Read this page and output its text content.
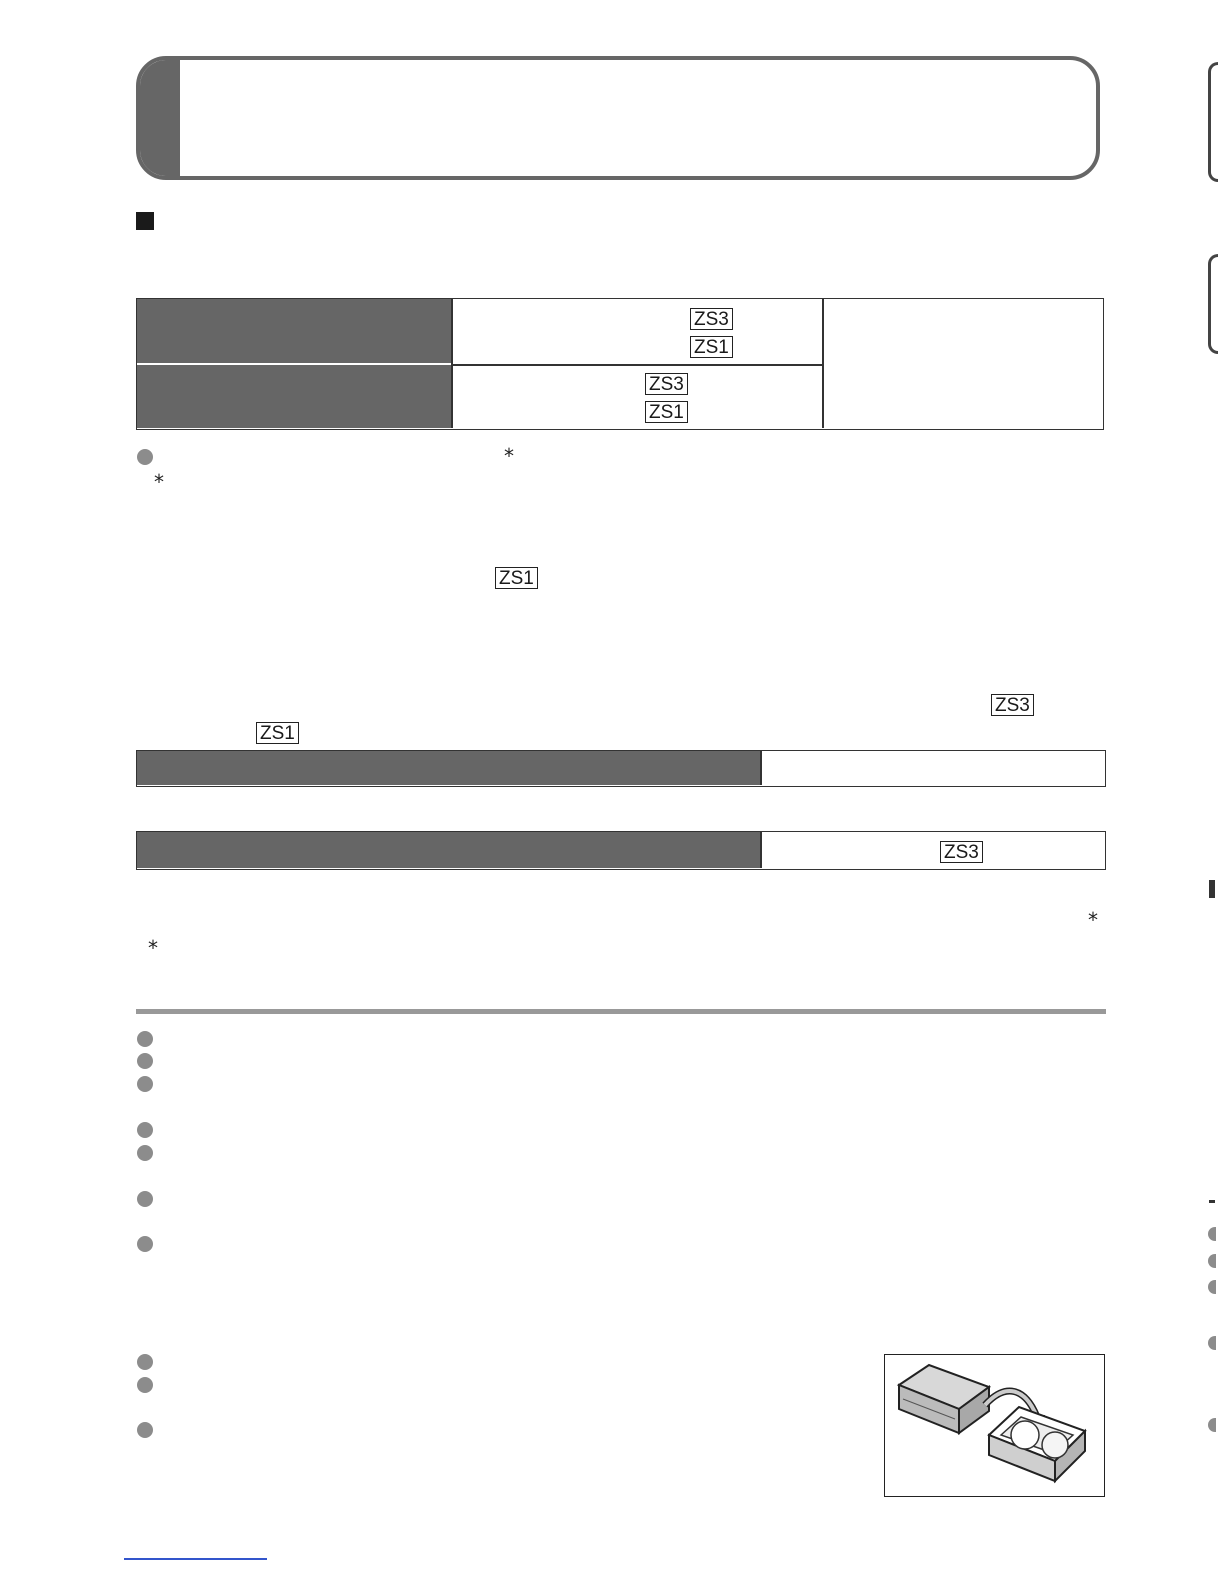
ZS3
ZS1
ZS3
ZS1
*
*
ZS1
ZS3
ZS1
ZS3
*
*
